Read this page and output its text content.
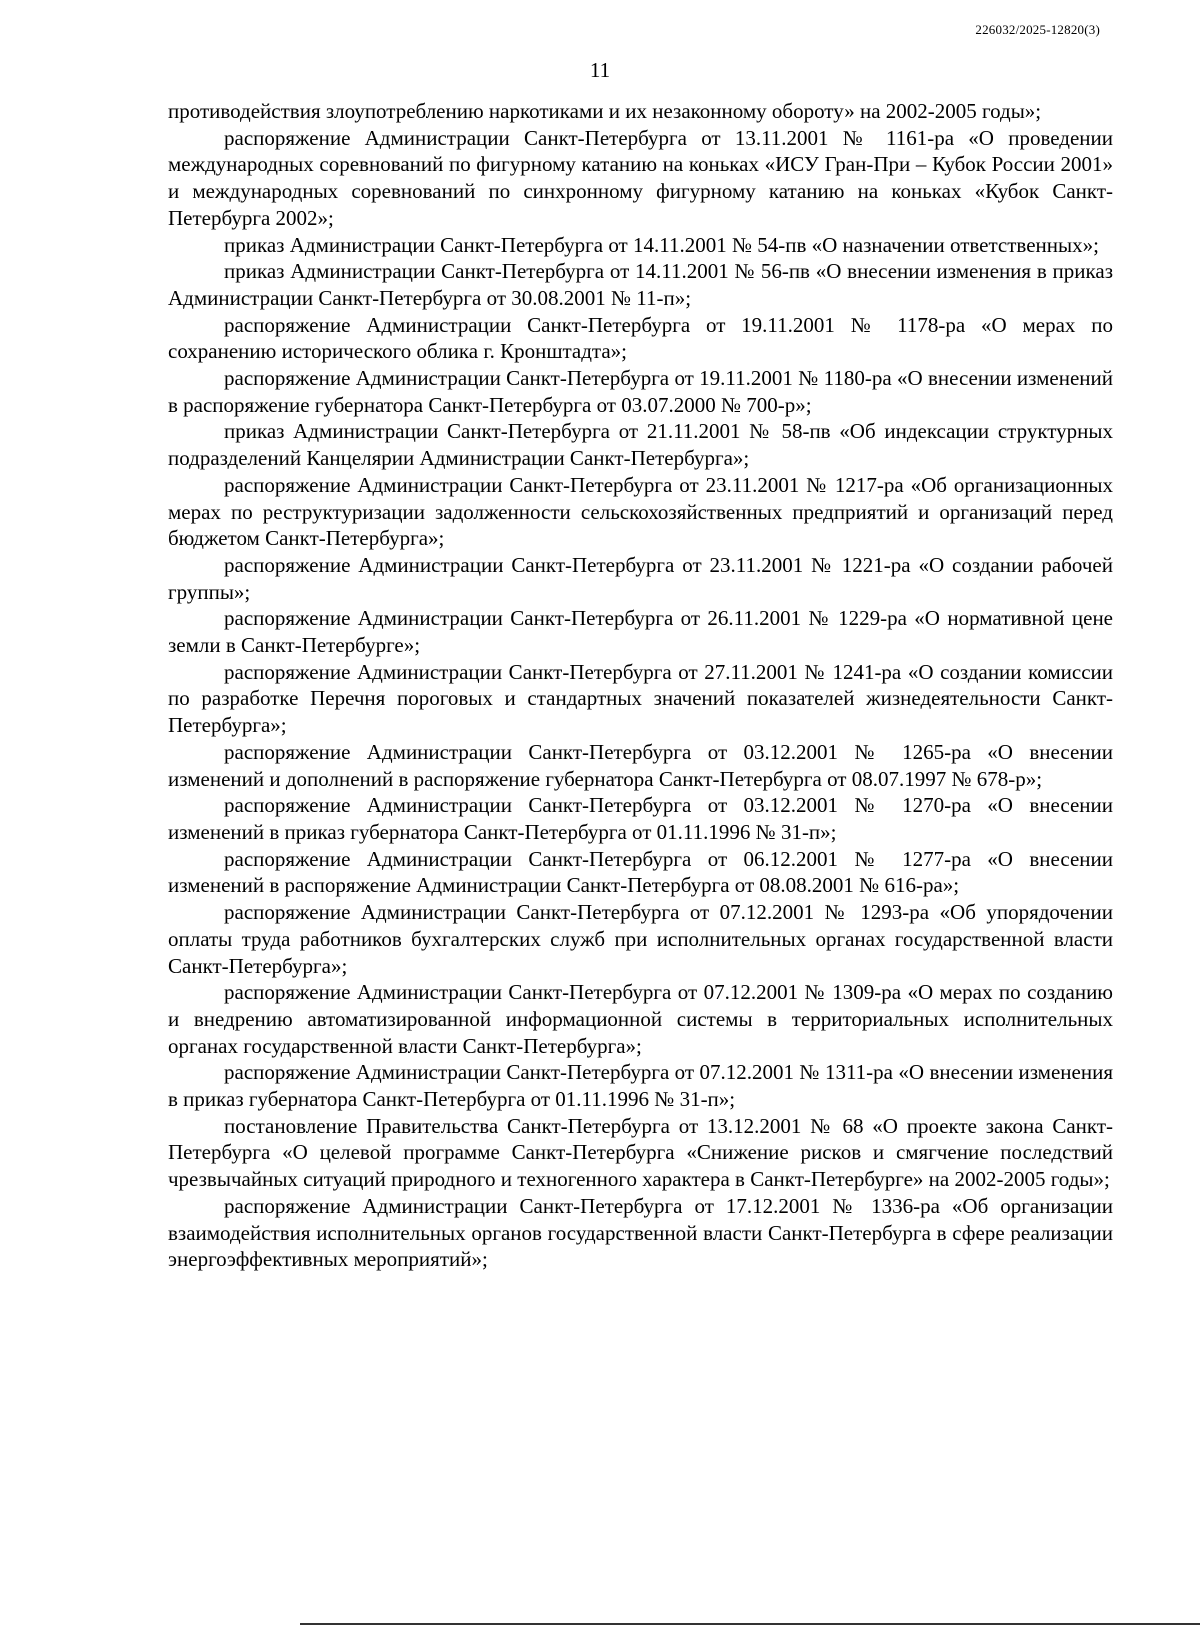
226032/2025-12820(3)
11

противодействия злоупотреблению наркотиками и их незаконному обороту» на 2002-2005 годы»;

распоряжение Администрации Санкт-Петербурга от 13.11.2001 № 1161-ра «О проведении международных соревнований по фигурному катанию на коньках «ИСУ Гран-При – Кубок России 2001» и международных соревнований по синхронному фигурному катанию на коньках «Кубок Санкт-Петербурга 2002»;

приказ Администрации Санкт-Петербурга от 14.11.2001 № 54-пв «О назначении ответственных»;

приказ Администрации Санкт-Петербурга от 14.11.2001 № 56-пв «О внесении изменения в приказ Администрации Санкт-Петербурга от 30.08.2001 № 11-п»;

распоряжение Администрации Санкт-Петербурга от 19.11.2001 № 1178-ра «О мерах по сохранению исторического облика г. Кронштадта»;

распоряжение Администрации Санкт-Петербурга от 19.11.2001 № 1180-ра «О внесении изменений в распоряжение губернатора Санкт-Петербурга от 03.07.2000 № 700-р»;

приказ Администрации Санкт-Петербурга от 21.11.2001 № 58-пв «Об индексации структурных подразделений Канцелярии Администрации Санкт-Петербурга»;

распоряжение Администрации Санкт-Петербурга от 23.11.2001 № 1217-ра «Об организационных мерах по реструктуризации задолженности сельскохозяйственных предприятий и организаций перед бюджетом Санкт-Петербурга»;

распоряжение Администрации Санкт-Петербурга от 23.11.2001 № 1221-ра «О создании рабочей группы»;

распоряжение Администрации Санкт-Петербурга от 26.11.2001 № 1229-ра «О нормативной цене земли в Санкт-Петербурге»;

распоряжение Администрации Санкт-Петербурга от 27.11.2001 № 1241-ра «О создании комиссии по разработке Перечня пороговых и стандартных значений показателей жизнедеятельности Санкт-Петербурга»;

распоряжение Администрации Санкт-Петербурга от 03.12.2001 № 1265-ра «О внесении изменений и дополнений в распоряжение губернатора Санкт-Петербурга от 08.07.1997 № 678-р»;

распоряжение Администрации Санкт-Петербурга от 03.12.2001 № 1270-ра «О внесении изменений в приказ губернатора Санкт-Петербурга от 01.11.1996 № 31-п»;

распоряжение Администрации Санкт-Петербурга от 06.12.2001 № 1277-ра «О внесении изменений в распоряжение Администрации Санкт-Петербурга от 08.08.2001 № 616-ра»;

распоряжение Администрации Санкт-Петербурга от 07.12.2001 № 1293-ра «Об упорядочении оплаты труда работников бухгалтерских служб при исполнительных органах государственной власти Санкт-Петербурга»;

распоряжение Администрации Санкт-Петербурга от 07.12.2001 № 1309-ра «О мерах по созданию и внедрению автоматизированной информационной системы в территориальных исполнительных органах государственной власти Санкт-Петербурга»;

распоряжение Администрации Санкт-Петербурга от 07.12.2001 № 1311-ра «О внесении изменения в приказ губернатора Санкт-Петербурга от 01.11.1996 № 31-п»;

постановление Правительства Санкт-Петербурга от 13.12.2001 № 68 «О проекте закона Санкт-Петербурга «О целевой программе Санкт-Петербурга «Снижение рисков и смягчение последствий чрезвычайных ситуаций природного и техногенного характера в Санкт-Петербурге» на 2002-2005 годы»;

распоряжение Администрации Санкт-Петербурга от 17.12.2001 № 1336-ра «Об организации взаимодействия исполнительных органов государственной власти Санкт-Петербурга в сфере реализации энергоэффективных мероприятий»;
